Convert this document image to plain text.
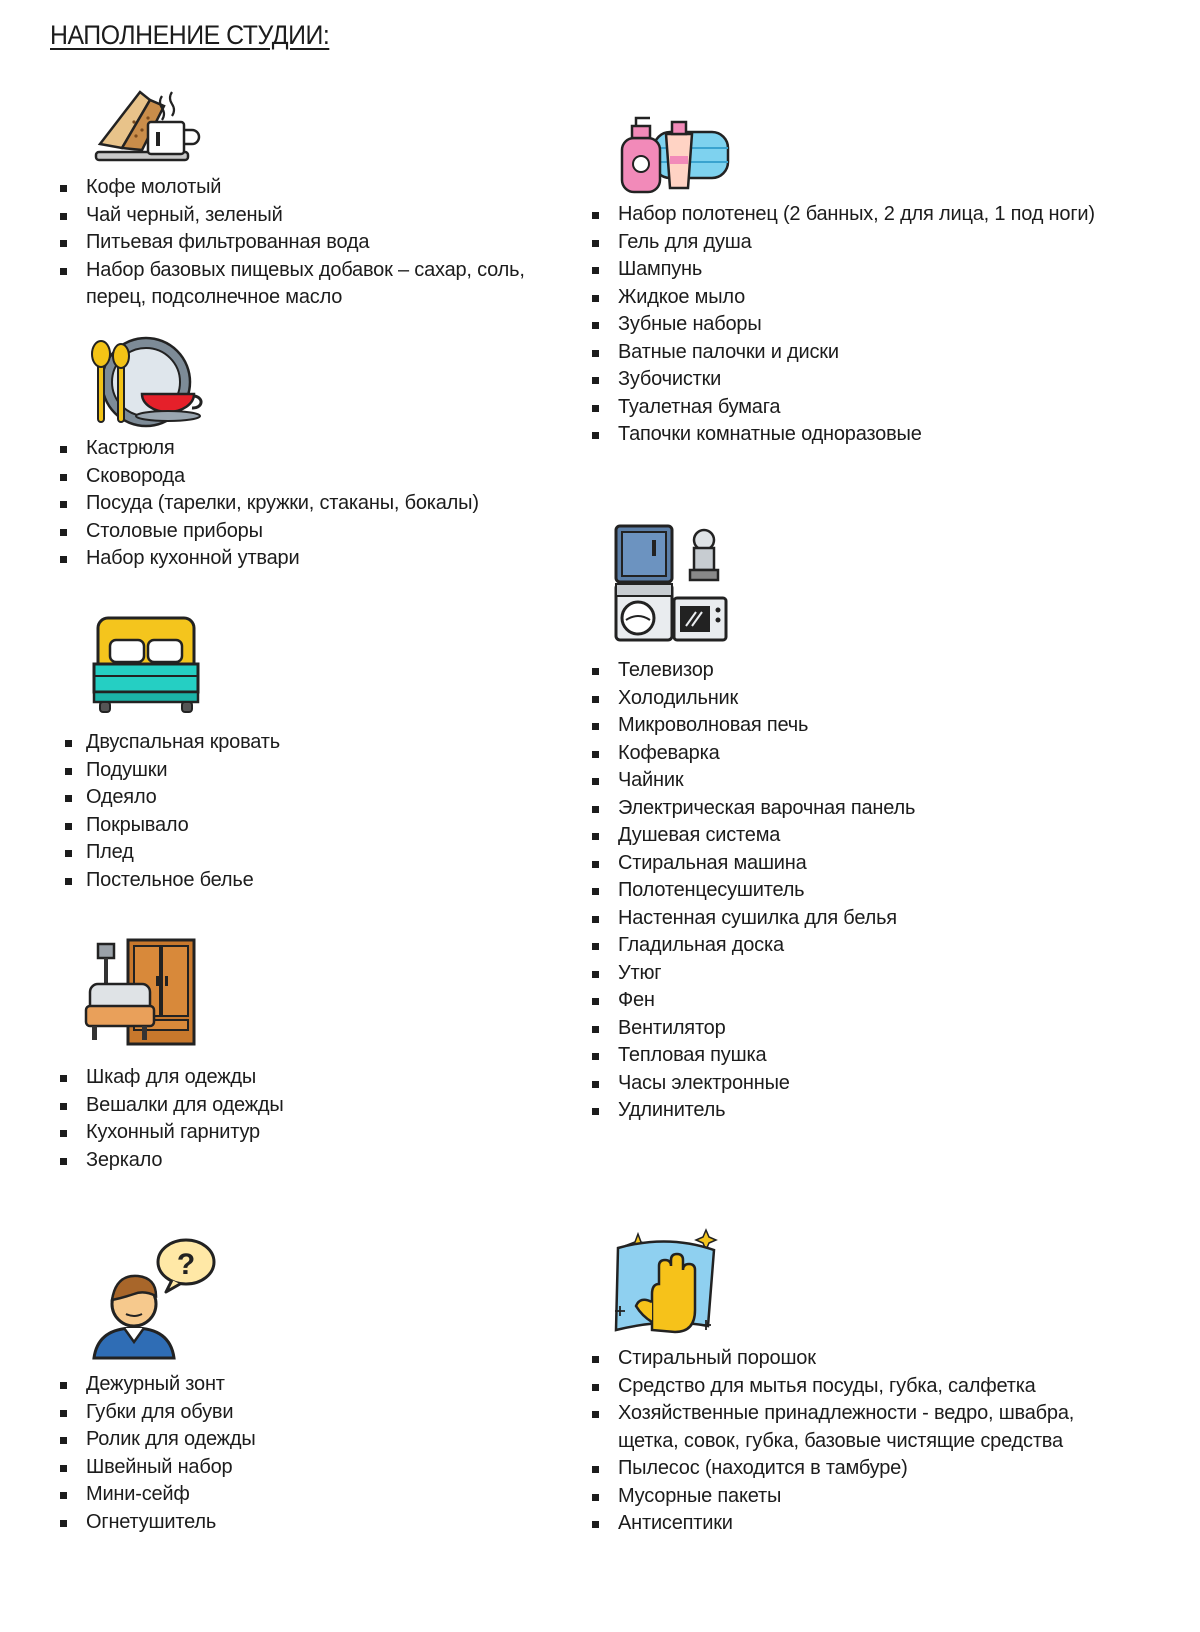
НАПОЛНЕНИЕ СТУДИИ:
Кофе молотый
Чай черный, зеленый
Питьевая фильтрованная вода
Набор базовых пищевых добавок – сахар, соль,
перец, подсолнечное масло
Кастрюля
Сковорода
Посуда (тарелки, кружки, стаканы, бокалы)
Столовые приборы
Набор кухонной утвари
Двуспальная кровать
Подушки
Одеяло
Покрывало
Плед
Постельное белье
Шкаф для одежды
Вешалки для одежды
Кухонный гарнитур
Зеркало
?
Дежурный зонт
Губки для обуви
Ролик для одежды
Швейный набор
Мини-сейф
Огнетушитель
Набор полотенец (2 банных, 2 для лица, 1 под ноги)
Гель для душа
Шампунь
Жидкое мыло
Зубные наборы
Ватные палочки и диски
Зубочистки
Туалетная бумага
Тапочки комнатные одноразовые
Телевизор
Холодильник
Микроволновая печь
Кофеварка
Чайник
Электрическая варочная панель
Душевая система
Стиральная машина
Полотенцесушитель
Настенная сушилка для белья
Гладильная доска
Утюг
Фен
Вентилятор
Тепловая пушка
Часы электронные
Удлинитель
Стиральный порошок
Средство для мытья посуды, губка, салфетка
Хозяйственные принадлежности - ведро, швабра,
щетка, совок, губка, базовые чистящие средства
Пылесос (находится в тамбуре)
Мусорные пакеты
Антисептики
